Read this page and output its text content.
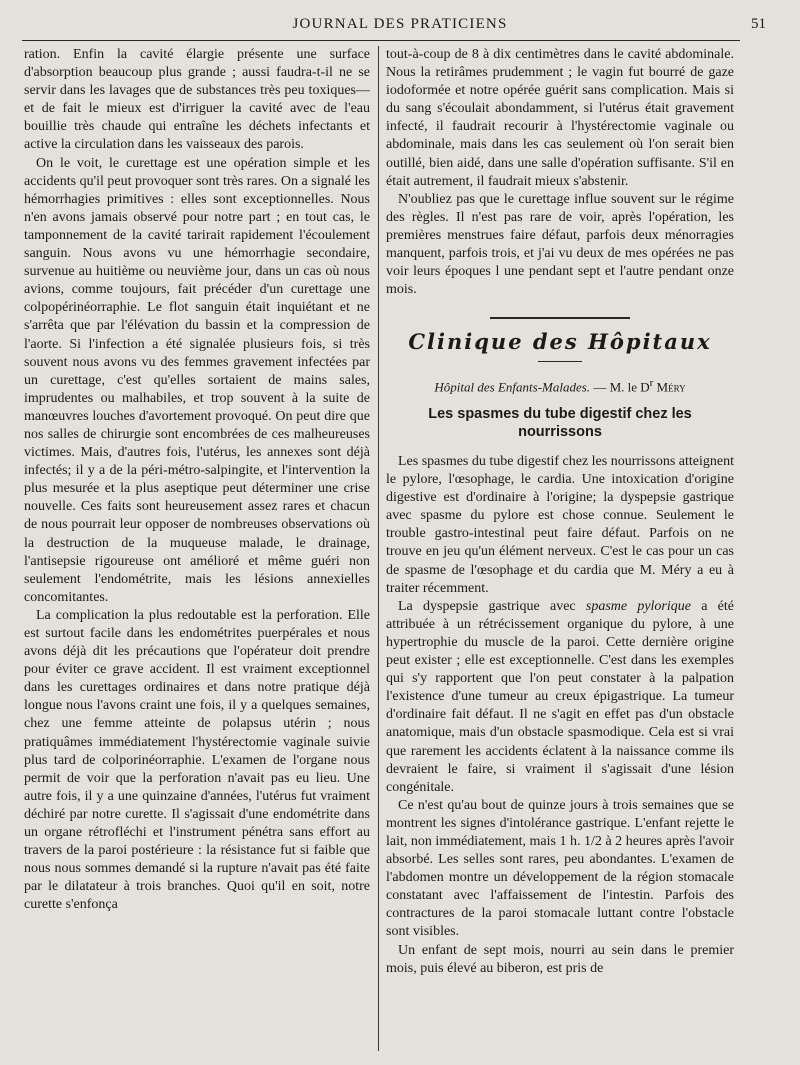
JOURNAL DES PRATICIENS	51

ration. Enfin la cavité élargie présente une surface d'absorption beaucoup plus grande ; aussi faudra-t-il ne se servir dans les lavages que de substances très peu toxiques—et de fait le mieux est d'irriguer la cavité avec de l'eau bouillie très chaude qui entraîne les déchets infectants et active la circulation dans les vaisseaux des parois.

On le voit, le curettage est une opération simple et les accidents qu'il peut provoquer sont très rares. On a signalé les hémorrhagies primitives : elles sont exceptionnelles. Nous n'en avons jamais observé pour notre part ; en tout cas, le tamponnement de la cavité tarirait rapidement l'écoulement sanguin. Nous avons vu une hémorrhagie secondaire, survenue au huitième ou neuvième jour, dans un cas où nous avions, comme toujours, fait précéder d'un curettage une colpopérinéorraphie. Le flot sanguin était inquiétant et ne s'arrêta que par l'élévation du bassin et la compression de l'aorte. Si l'infection a été signalée plusieurs fois, si très souvent nous avons vu des femmes gravement infectées par un curettage, c'est qu'elles sortaient de mains sales, imprudentes ou malhabiles, et trop souvent à la suite de manœuvres louches d'avortement provoqué. On peut dire que nos salles de chirurgie sont encombrées de ces malheureuses victimes. Mais, d'autres fois, l'utérus, les annexes sont déjà infectés; il y a de la péri-métro-salpingite, et l'intervention la plus mesurée et la plus aseptique peut déterminer une crise nouvelle. Ces faits sont heureusement assez rares et chacun de nous pourrait leur opposer de nombreuses observations où la destruction de la muqueuse malade, le drainage, l'antisepsie rigoureuse ont amélioré et même guéri non seulement l'endométrite, mais les lésions annexielles concomitantes.

La complication la plus redoutable est la perforation. Elle est surtout facile dans les endométrites puerpérales et nous avons déjà dit les précautions que l'opérateur doit prendre pour éviter ce grave accident. Il est vraiment exceptionnel dans les curettages ordinaires et dans notre pratique déjà longue nous l'avons craint une fois, il y a quelques semaines, chez une femme atteinte de polapsus utérin ; nous pratiquâmes immédiatement l'hystérectomie vaginale suivie plus tard de colporinéorraphie. L'examen de l'organe nous permit de voir que la perforation n'avait pas eu lieu. Une autre fois, il y a une quinzaine d'années, l'utérus fut vraiment déchiré par notre curette. Il s'agissait d'une endométrite dans un organe rétrofléchi et l'instrument pénétra sans effort au travers de la paroi postérieure : la résistance fut si faible que nous nous sommes demandé si la rupture n'avait pas été faite par le dilatateur à trois branches. Quoi qu'il en soit, notre curette s'enfonça

tout-à-coup de 8 à dix centimètres dans le cavité abdominale. Nous la retirâmes prudemment ; le vagin fut bourré de gaze iodoformée et notre opérée guérit sans complication. Mais si du sang s'écoulait abondamment, si l'utérus était gravement infecté, il faudrait recourir à l'hystérectomie vaginale ou abdominale, mais dans les cas seulement où l'on serait bien outillé, bien aidé, dans une salle d'opération suffisante. S'il en était autrement, il faudrait mieux s'abstenir.

N'oubliez pas que le curettage influe souvent sur le régime des règles. Il n'est pas rare de voir, après l'opération, les premières menstrues faire défaut, parfois deux ménorragies manquent, parfois trois, et j'ai vu deux de mes opérées ne pas voir leurs époques l une pendant sept et l'autre pendant onze mois.

Clinique des Hôpitaux
Hôpital des Enfants-Malades. — M. le $D^r$ Méry
Les spasmes du tube digestif chez les nourrissons

Les spasmes du tube digestif chez les nourrissons atteignent le pylore, l'œsophage, le cardia. Une intoxication d'origine digestive est d'ordinaire à l'origine; la dyspepsie gastrique avec spasme du pylore est chose connue. Seulement le trouble gastro-intestinal peut faire défaut. Parfois on ne trouve en jeu qu'un élément nerveux. C'est le cas pour un cas de spasme de l'œsophage et du cardia que M. Méry a eu à traiter récemment.

La dyspepsie gastrique avec spasme pylorique a été attribuée à un rétrécissement organique du pylore, à une hypertrophie du muscle de la paroi. Cette dernière origine peut exister ; elle est exceptionnelle. C'est dans les exemples qui s'y rapportent que l'on peut constater à la palpation l'existence d'une tumeur au creux épigastrique. La tumeur d'ordinaire fait défaut. Il ne s'agit en effet pas d'un obstacle anatomique, mais d'un obstacle spasmodique. Cela est si vrai que rarement les accidents éclatent à la naissance comme ils devraient le faire, si vraiment il s'agissait d'une lésion congénitale.

Ce n'est qu'au bout de quinze jours à trois semaines que se montrent les signes d'intolérance gastrique. L'enfant rejette le lait, non immédiatement, mais 1 h. 1/2 à 2 heures après l'avoir absorbé. Les selles sont rares, peu abondantes. L'examen de l'abdomen montre un développement de la région stomacale constatant avec l'affaissement de l'intestin. Parfois des contractures de la paroi stomacale luttant contre l'obstacle sont visibles.

Un enfant de sept mois, nourri au sein dans le premier mois, puis élevé au biberon, est pris de
